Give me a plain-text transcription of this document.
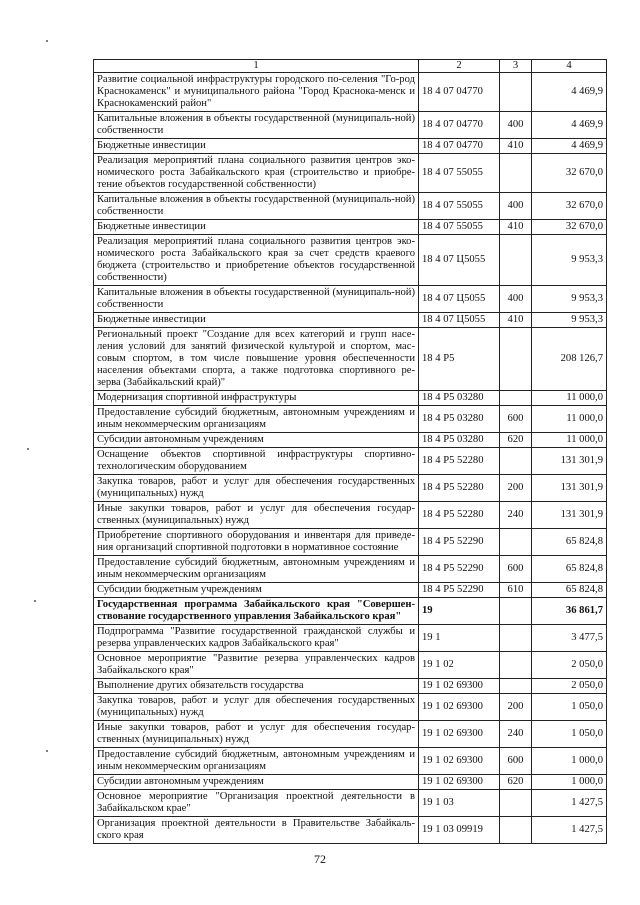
1	2	3	4
Развитие социальной инфраструктуры городского по-селения "Го-род Краснокаменск" и муниципального района "Город Краснока-менск и Краснокаменский район"	18 4 07 04770		4 469,9
Капитальные вложения в объекты государственной (муниципаль-ной) собственности	18 4 07 04770	400	4 469,9
Бюджетные инвестиции	18 4 07 04770	410	4 469,9
Реализация мероприятий плана социального развития центров эко-номического роста Забайкальского края (строительство и приобре-тение объектов государственной собственности)	18 4 07 55055		32 670,0
Капитальные вложения в объекты государственной (муниципаль-ной) собственности	18 4 07 55055	400	32 670,0
Бюджетные инвестиции	18 4 07 55055	410	32 670,0
Реализация мероприятий плана социального развития центров эко-номического роста Забайкальского края за счет средств краевого бюджета (строительство и приобретение объектов государственной собственности)	18 4 07 Ц5055		9 953,3
Капитальные вложения в объекты государственной (муниципаль-ной) собственности	18 4 07 Ц5055	400	9 953,3
Бюджетные инвестиции	18 4 07 Ц5055	410	9 953,3
Региональный проект "Создание для всех категорий и групп насе-ления условий для занятий физической культурой и спортом, мас-совым спортом, в том числе повышение уровня обеспеченности населения объектами спорта, а также подготовка спортивного ре-зерва (Забайкальский край)"	18 4 P5		208 126,7
Модернизация спортивной инфраструктуры	18 4 P5 03280		11 000,0
Предоставление субсидий бюджетным, автономным учреждениям и иным некоммерческим организациям	18 4 P5 03280	600	11 000,0
Субсидии автономным учреждениям	18 4 P5 03280	620	11 000,0
Оснащение объектов спортивной инфраструктуры спортивно-технологическим оборудованием	18 4 P5 52280		131 301,9
Закупка товаров, работ и услуг для обеспечения государственных (муниципальных) нужд	18 4 P5 52280	200	131 301,9
Иные закупки товаров, работ и услуг для обеспечения государ-ственных (муниципальных) нужд	18 4 P5 52280	240	131 301,9
Приобретение спортивного оборудования и инвентаря для приведе-ния организаций спортивной подготовки в нормативное состояние	18 4 P5 52290		65 824,8
Предоставление субсидий бюджетным, автономным учреждениям и иным некоммерческим организациям	18 4 P5 52290	600	65 824,8
Субсидии бюджетным учреждениям	18 4 P5 52290	610	65 824,8
Государственная программа Забайкальского края "Совершен-ствование государственного управления Забайкальского края"	19		36 861,7
Подпрограмма "Развитие государственной гражданской службы и резерва управленческих кадров Забайкальского края"	19 1		3 477,5
Основное мероприятие "Развитие резерва управленческих кадров Забайкальского края"	19 1 02		2 050,0
Выполнение других обязательств государства	19 1 02 69300		2 050,0
Закупка товаров, работ и услуг для обеспечения государственных (муниципальных) нужд	19 1 02 69300	200	1 050,0
Иные закупки товаров, работ и услуг для обеспечения государ-ственных (муниципальных) нужд	19 1 02 69300	240	1 050,0
Предоставление субсидий бюджетным, автономным учреждениям и иным некоммерческим организациям	19 1 02 69300	600	1 000,0
Субсидии автономным учреждениям	19 1 02 69300	620	1 000,0
Основное мероприятие "Организация проектной деятельности в Забайкальском крае"	19 1 03		1 427,5
Организация проектной деятельности в Правительстве Забайкаль-ского края	19 1 03 09919		1 427,5
72
